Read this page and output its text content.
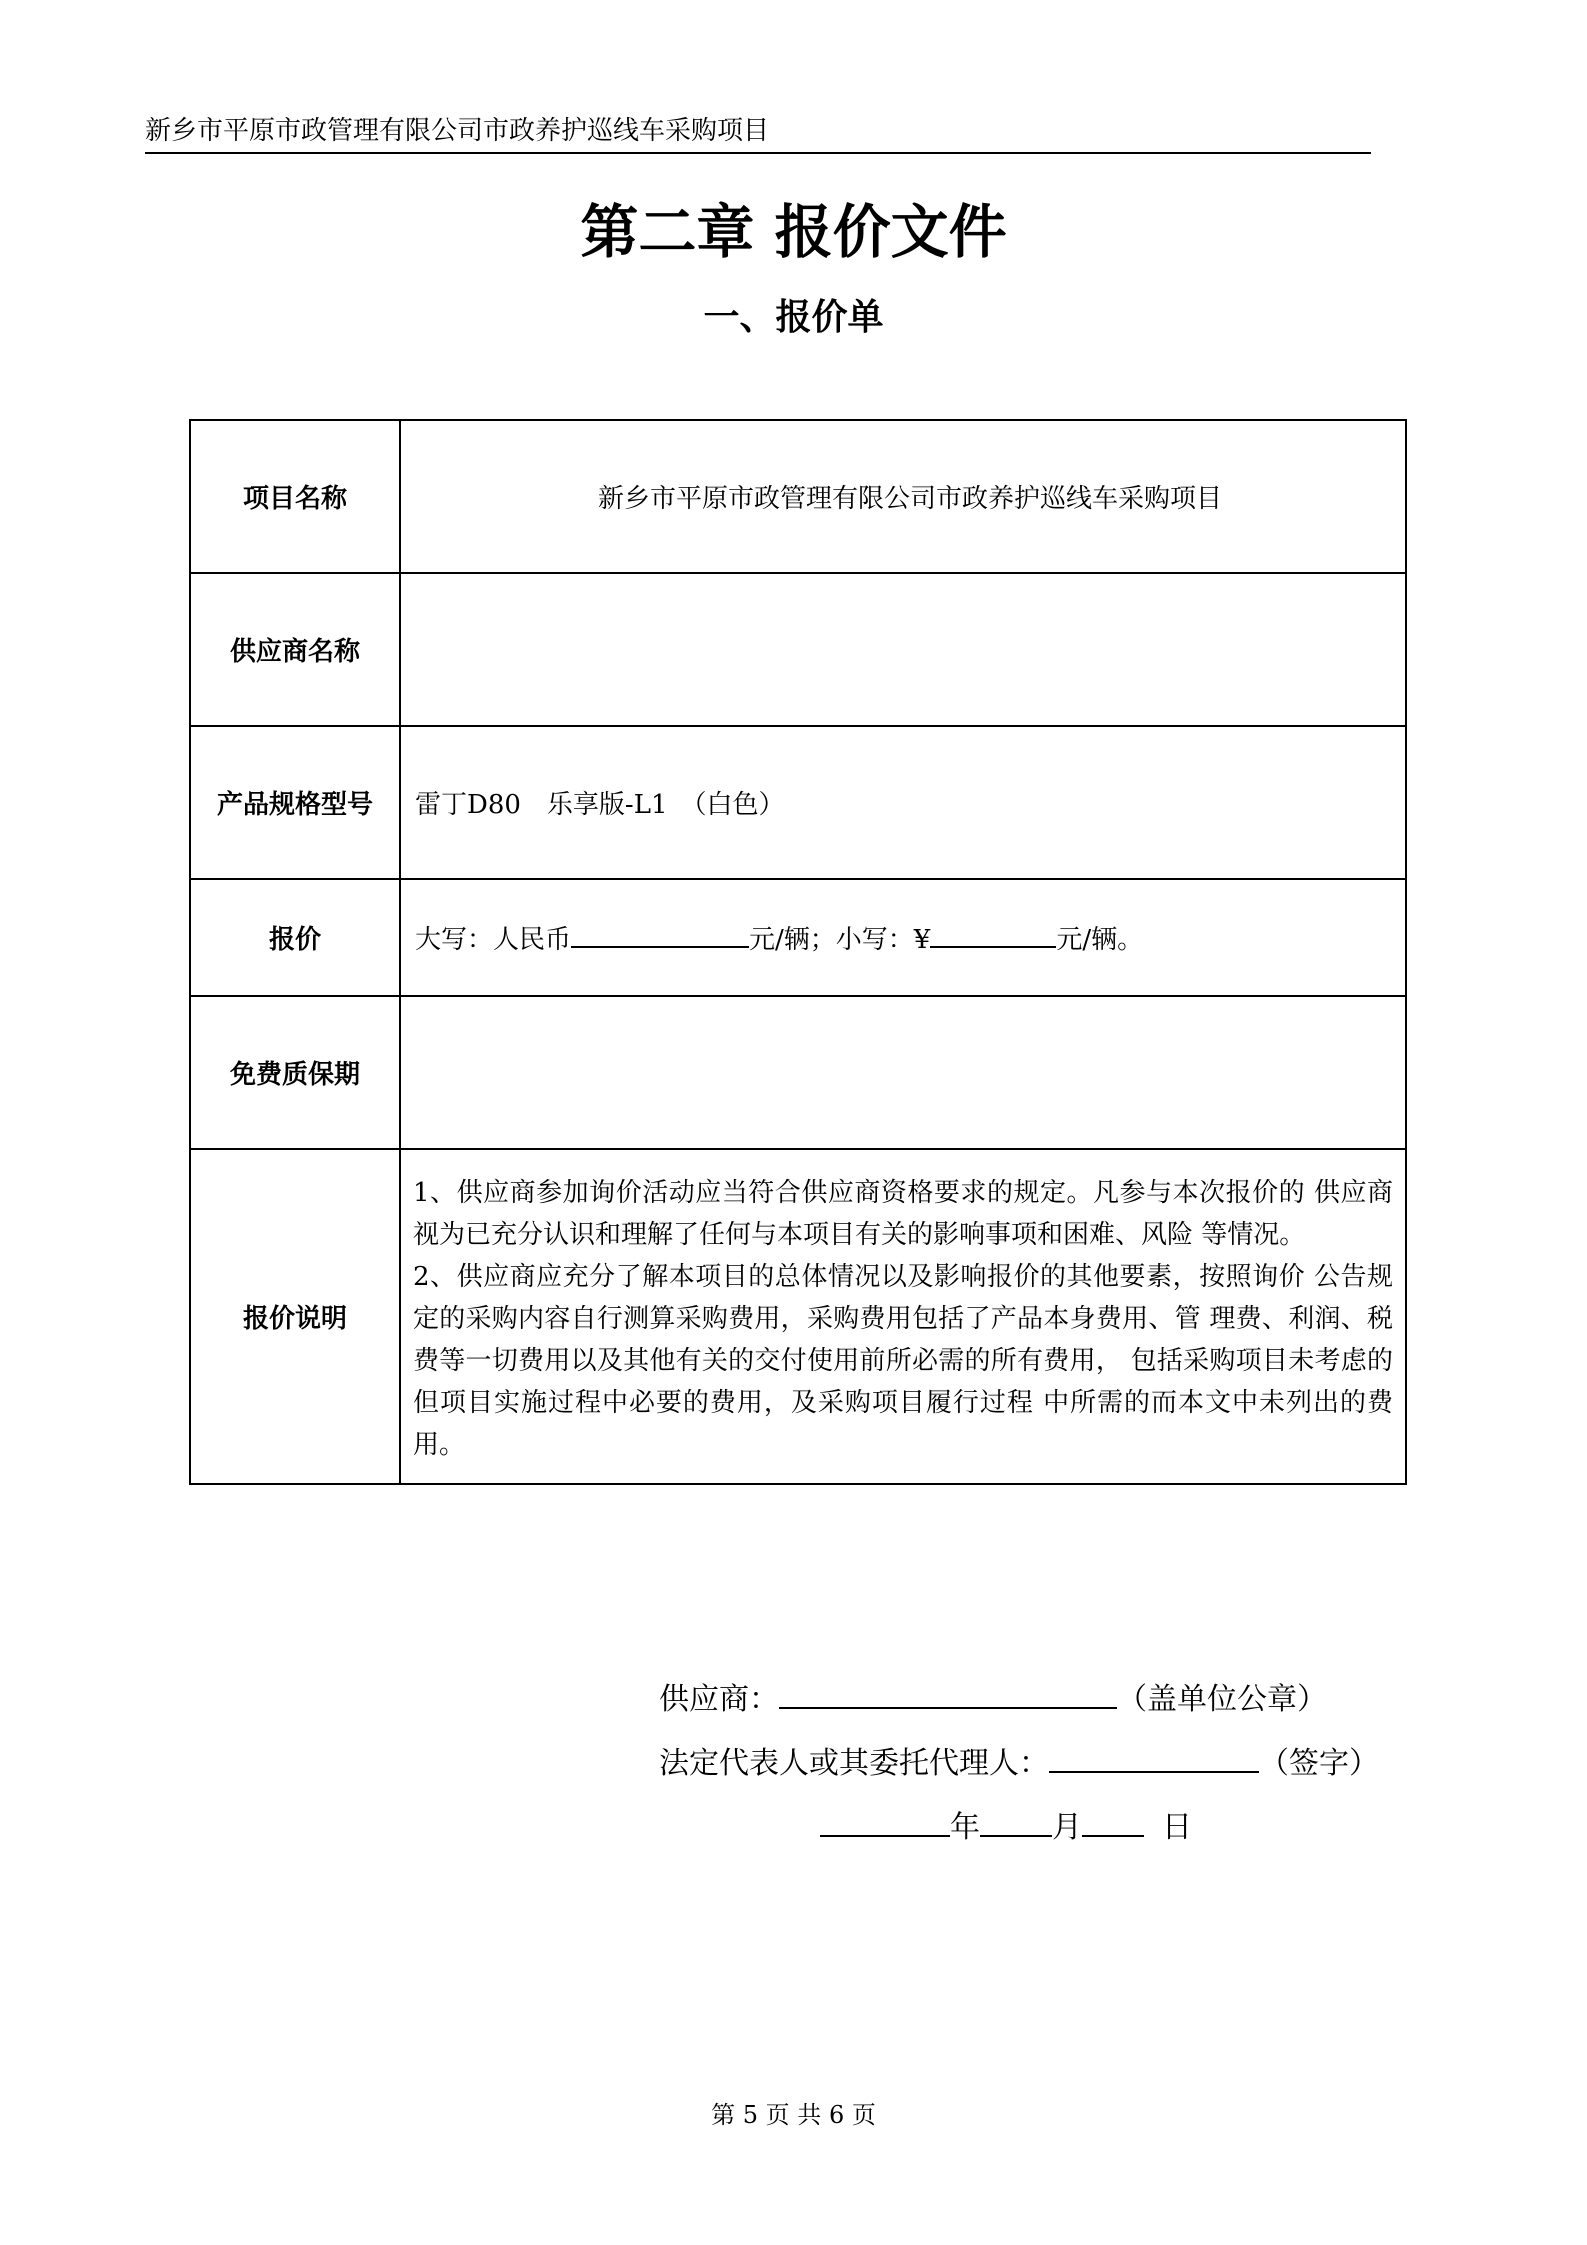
新乡市平原市政管理有限公司市政养护巡线车采购项目
第二章 报价文件
一、报价单
项目名称	新乡市平原市政管理有限公司市政养护巡线车采购项目
供应商名称	
产品规格型号	雷丁D80　乐享版-L1　（白色）
报价	大写：人民币 元/辆；小写：¥ 元/辆。
免费质保期	
报价说明	1、供应商参加询价活动应当符合供应商资格要求的规定。凡参与本次报价的 供应商视为已充分认识和理解了任何与本项目有关的影响事项和困难、风险 等情况。
2、供应商应充分了解本项目的总体情况以及影响报价的其他要素，按照询价 公告规定的采购内容自行测算采购费用，采购费用包括了产品本身费用、管 理费、利润、税费等一切费用以及其他有关的交付使用前所必需的所有费用， 包括采购项目未考虑的但项目实施过程中必要的费用，及采购项目履行过程 中所需的而本文中未列出的费用。
供应商：	（盖单位公章）
法定代表人或其委托代理人：	（签字）
年 月	日
第 5 页 共 6 页
